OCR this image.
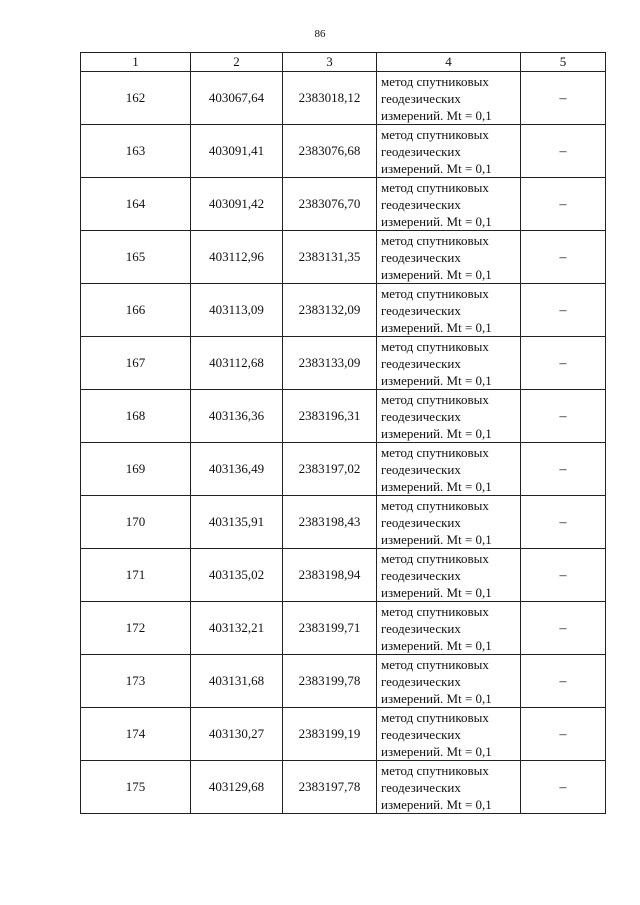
86
1	2	3	4	5
162	403067,64	2383018,12	метод спутниковых
геодезических
измерений. Mt = 0,1	–
163	403091,41	2383076,68	метод спутниковых
геодезических
измерений. Mt = 0,1	–
164	403091,42	2383076,70	метод спутниковых
геодезических
измерений. Mt = 0,1	–
165	403112,96	2383131,35	метод спутниковых
геодезических
измерений. Mt = 0,1	–
166	403113,09	2383132,09	метод спутниковых
геодезических
измерений. Mt = 0,1	–
167	403112,68	2383133,09	метод спутниковых
геодезических
измерений. Mt = 0,1	–
168	403136,36	2383196,31	метод спутниковых
геодезических
измерений. Mt = 0,1	–
169	403136,49	2383197,02	метод спутниковых
геодезических
измерений. Mt = 0,1	–
170	403135,91	2383198,43	метод спутниковых
геодезических
измерений. Mt = 0,1	–
171	403135,02	2383198,94	метод спутниковых
геодезических
измерений. Mt = 0,1	–
172	403132,21	2383199,71	метод спутниковых
геодезических
измерений. Mt = 0,1	–
173	403131,68	2383199,78	метод спутниковых
геодезических
измерений. Mt = 0,1	–
174	403130,27	2383199,19	метод спутниковых
геодезических
измерений. Mt = 0,1	–
175	403129,68	2383197,78	метод спутниковых
геодезических
измерений. Mt = 0,1	–
